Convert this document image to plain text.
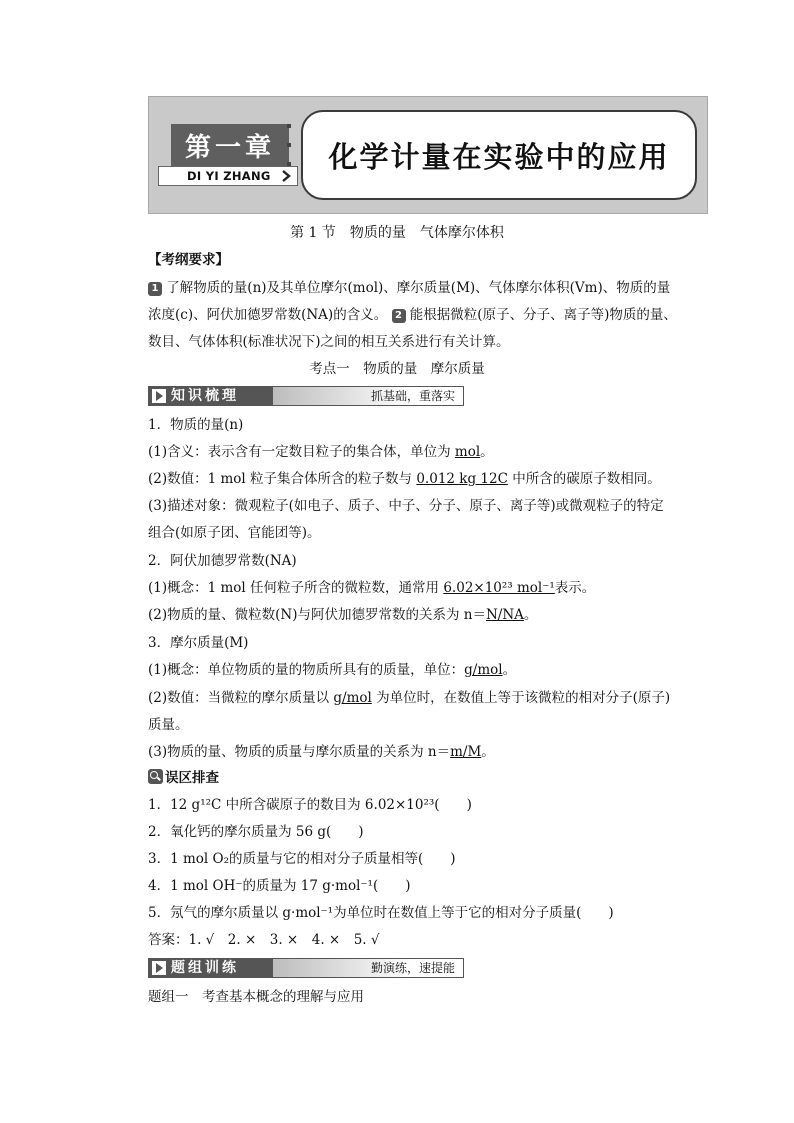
第一章
DI YI ZHANG
化学计量在实验中的应用
第 1 节　物质的量　气体摩尔体积
【考纲要求】
1 了解物质的量(n)及其单位摩尔(mol)、摩尔质量(M)、气体摩尔体积(Vm)、物质的量
浓度(c)、阿伏加德罗常数(NA)的含义。 2 能根据微粒(原子、分子、离子等)物质的量、
数目、气体体积(标准状况下)之间的相互关系进行有关计算。
考点一　物质的量　摩尔质量
知识梳理	抓基础，重落实
1．物质的量(n)
(1)含义：表示含有一定数目粒子的集合体，单位为 mol。
(2)数值：1 mol 粒子集合体所含的粒子数与 0.012 kg 12C 中所含的碳原子数相同。
(3)描述对象：微观粒子(如电子、质子、中子、分子、原子、离子等)或微观粒子的特定
组合(如原子团、官能团等)。
2．阿伏加德罗常数(NA)
(1)概念：1 mol 任何粒子所含的微粒数，通常用 6.02×10²³ mol⁻¹表示。
(2)物质的量、微粒数(N)与阿伏加德罗常数的关系为 n＝N/NA。
3．摩尔质量(M)
(1)概念：单位物质的量的物质所具有的质量，单位：g/mol。
(2)数值：当微粒的摩尔质量以 g/mol 为单位时，在数值上等于该微粒的相对分子(原子)
质量。
(3)物质的量、物质的质量与摩尔质量的关系为 n＝m/M。
误区排查
1．12 g¹²C 中所含碳原子的数目为 6.02×10²³(　　)
2．氧化钙的摩尔质量为 56 g(　　)
3．1 mol O₂的质量与它的相对分子质量相等(　　)
4．1 mol OH⁻的质量为 17 g·mol⁻¹(　　)
5．氖气的摩尔质量以 g·mol⁻¹为单位时在数值上等于它的相对分子质量(　　)
答案：1. √　2. ×　3. ×　4. ×　5. √
题组训练	勤演练，速提能
题组一　考查基本概念的理解与应用
